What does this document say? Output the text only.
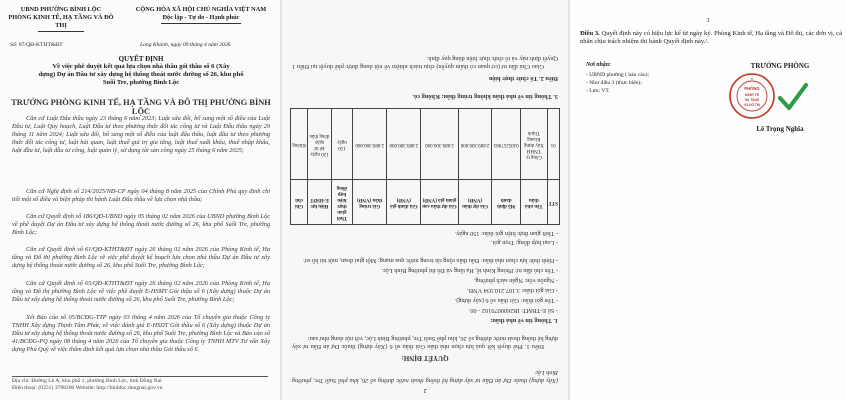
UBND PHƯỜNG BÌNH LỘC
PHÒNG KINH TẾ, HẠ TẦNG VÀ ĐÔ THỊ
CỘNG HÒA XÃ HỘI CHỦ NGHĨA VIỆT NAM
Độc lập - Tự do - Hạnh phúc
Số: 87/QĐ-KTHT&ĐT	Long Khánh, ngày 09 tháng 4 năm 2026
QUYẾT ĐỊNH
Về việc phê duyệt kết quả lựa chọn nhà thầu gói thầu số 6 (Xây
dựng) Dự án Đầu tư xây dựng hệ thống thoát nước đường số 26, khu phố
Suối Tre, phường Bình Lộc
TRƯỞNG PHÒNG KINH TẾ, HẠ TẦNG VÀ ĐÔ THỊ PHƯỜNG BÌNH LỘC
Căn cứ Luật Đấu thầu ngày 23 tháng 6 năm 2023; Luật sửa đổi, bổ sung một số điều của Luật Đầu tư, Luật Quy hoạch, Luật Đầu tư theo phương thức đối tác công tư và Luật Đấu thầu ngày 29 tháng 11 năm 2024; Luật sửa đổi, bổ sung một số điều của luật đấu thầu, luật đầu tư theo phương thức đối tác công tư, luật hải quan, luật thuế giá trị gia tăng, luật thuế xuất khẩu, thuế nhập khẩu, luật đầu tư, luật đầu tư công, luật quản lý, sử dụng tài sản công ngày 25 tháng 6 năm 2025;
Căn cứ Nghị định số 214/2025/NĐ-CP ngày 04 tháng 8 năm 2025 của Chính Phủ quy định chi tiết một số điều và biện pháp thi hành Luật Đấu thầu về lựa chọn nhà thầu;
Căn cứ Quyết định số 186/QĐ-UBND ngày 05 tháng 02 năm 2026 của UBND phường Bình Lộc về phê duyệt Dự án Đầu tư xây dựng hệ thống thoát nước đường số 26, khu phố Suối Tre, phường Bình Lộc;
Căn cứ Quyết định số 61/QĐ-KTHT&ĐT ngày 26 tháng 02 năm 2026 của Phòng Kinh tế, Hạ tầng và Đô thị phường Bình Lộc về việc phê duyệt kế hoạch lựa chọn nhà thầu Dự án Đầu tư xây dựng hệ thống thoát nước đường số 26, khu phố Suối Tre, phường Bình Lộc;
Căn cứ Quyết định số 65/QĐ-KTHT&ĐT ngày 26 tháng 02 năm 2026 của Phòng Kinh tế, Hạ tầng và Đô thị phường Bình Lộc về việc phê duyệt E-HSMT Gói thầu số 6 (Xây dựng) thuộc Dự án Đầu tư xây dựng hệ thống thoát nước đường số 26, khu phố Suối Tre, phường Bình Lộc;
Xét Báo cáo số 05/BCĐG-TTP ngày 03 tháng 4 năm 2026 của Tổ chuyên gia thuộc Công ty TNHH Xây dựng Thịnh Tâm Phát, về việc đánh giá E-HSDT Gói thầu số 6 (Xây dựng) thuộc Dự án Đầu tư xây dựng hệ thống thoát nước đường số 26, khu phố Suối Tre, phường Bình Lộc và Báo cáo số 41/BCĐG-PQ ngày 08 tháng 4 năm 2026 của Tổ chuyên gia thuộc Công ty TNHH MTV Tư vấn Xây dựng Phú Quý về việc thẩm định kết quả lựa chọn nhà thầu Gói thầu số 6
Địa chỉ: Đường Lê A, khu phố 1, phường Bình Lộc, tỉnh Đồng Nai
Điện thoại: (0251) 3788200 Website: http://binhloc.dongnai.gov.vn	2
(Xây dựng) thuộc Dự án Đầu tư xây dựng hệ thống thoát nước đường số 26, khu phố Suối Tre, phường Bình Lộc
QUYẾT ĐỊNH:
Điều 1. Phê duyệt kết quả lựa chọn nhà thầu Gói thầu số 6 (Xây dựng) thuộc Dự án Đầu tư xây dựng hệ thống thoát nước đường số 26, khu phố Suối Tre, phường Bình Lộc, với nội dung như sau:
1. Thông tin về nhà thầu:
- Số E-TBMT: IB2600079102 - 00.
- Tên gói thầu: Gói thầu số 6 (xây dựng).
- Giá gói thầu: 3.107.210.934 VNĐ.
- Nguồn vốn: Ngân sách phường.
- Tên chủ đầu tư: Phòng Kinh tế, Hạ tầng và Đô thị phường Bình Lộc.
- Hình thức lựa chọn nhà thầu: Đấu thầu rộng rãi trong nước qua mạng; Một giai đoạn, một túi hồ sơ.
- Loại hợp đồng: Trọn gói.
- Thời gian thực hiện gói thầu: 150 ngày.
STT	Tên nhà thầu	Mã định danh	Giá dự thầu (VNĐ)	Giá dự thầu sau giảm giá (VNĐ)	Giá đánh giá (VNĐ)	Giá trúng thầu (VNĐ)	Thời gian thực hiện hợp đồng	Hiệu lực E-HSDT	Ghi chú
01	Công ty TNHH Xây dựng Khang Thịnh	0305257083	2.889.300.000	2.889.300.000	2.889.300.000	2.889.300.000	150 ngày	120 ngày kể từ ngày đóng thầu	Không
3. Thông tin về nhà thầu không trúng thầu: Không có.
Điều 2. Tổ chức thực hiện
Giao Chủ đầu tư (cơ quan có thẩm quyền) chịu trách nhiệm về nội dung được phê duyệt tại Điều 1 Quyết định này và tổ chức thực hiện đúng quy định.
3
Điều 3. Quyết định này có hiệu lực kể từ ngày ký. Phòng Kinh tế, Hạ tầng và Đô thị, các đơn vị, cá nhân chịu trách nhiệm thi hành Quyết định này./.
Nơi nhận:
- UBND phường ( báo cáo);
- Như điều 3 (thực hiện);
- Lưu: VT.
TRƯỞNG PHÒNG
PHÒNG
KINH TẾ
HẠ TẦNG
VÀ ĐÔ THỊ
★
Lê Trọng Nghĩa
